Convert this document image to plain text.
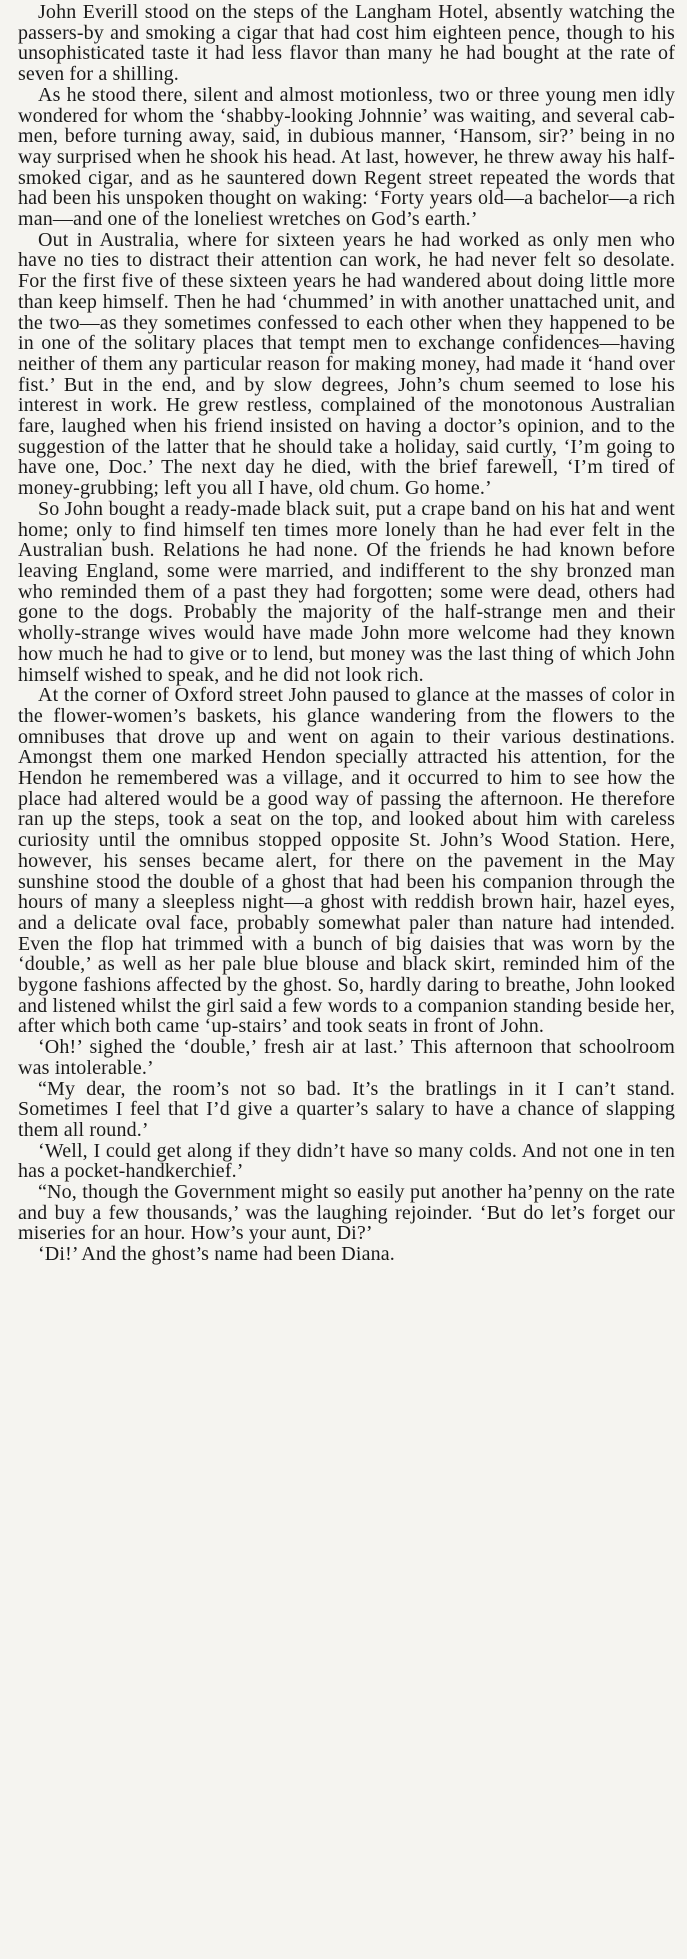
John Everill stood on the steps of the Langham Hotel, absently watching the passers-by and smoking a cigar that had cost him eighteen pence, though to his unsophisticated taste it had less flavor than many he had bought at the rate of seven for a shilling.

As he stood there, silent and almost motionless, two or three young men idly wondered for whom the ‘shabby-looking Johnnie’ was waiting, and several cab-men, before turning away, said, in dubious manner, ‘Hansom, sir?’ being in no way surprised when he shook his head. At last, however, he threw away his half-smoked cigar, and as he sauntered down Regent street repeated the words that had been his unspoken thought on waking: ‘Forty years old—a bachelor—a rich man—and one of the loneliest wretches on God’s earth.’

Out in Australia, where for sixteen years he had worked as only men who have no ties to distract their attention can work, he had never felt so desolate. For the first five of these sixteen years he had wandered about doing little more than keep himself. Then he had ‘chummed’ in with another unattached unit, and the two—as they sometimes confessed to each other when they happened to be in one of the solitary places that tempt men to exchange confidences—having neither of them any particular reason for making money, had made it ‘hand over fist.’ But in the end, and by slow degrees, John’s chum seemed to lose his interest in work. He grew restless, complained of the monotonous Australian fare, laughed when his friend insisted on having a doctor’s opinion, and to the suggestion of the latter that he should take a holiday, said curtly, ‘I’m going to have one, Doc.’ The next day he died, with the brief farewell, ‘I’m tired of money-grubbing; left you all I have, old chum. Go home.’

So John bought a ready-made black suit, put a crape band on his hat and went home; only to find himself ten times more lonely than he had ever felt in the Australian bush. Relations he had none. Of the friends he had known before leaving England, some were married, and indifferent to the shy bronzed man who reminded them of a past they had forgotten; some were dead, others had gone to the dogs. Probably the majority of the half-strange men and their wholly-strange wives would have made John more welcome had they known how much he had to give or to lend, but money was the last thing of which John himself wished to speak, and he did not look rich.

At the corner of Oxford street John paused to glance at the masses of color in the flower-women’s baskets, his glance wandering from the flowers to the omnibuses that drove up and went on again to their various destinations. Amongst them one marked Hendon specially attracted his attention, for the Hendon he remembered was a village, and it occurred to him to see how the place had altered would be a good way of passing the afternoon. He therefore ran up the steps, took a seat on the top, and looked about him with careless curiosity until the omnibus stopped opposite St. John’s Wood Station. Here, however, his senses became alert, for there on the pavement in the May sunshine stood the double of a ghost that had been his companion through the hours of many a sleepless night—a ghost with reddish brown hair, hazel eyes, and a delicate oval face, probably somewhat paler than nature had intended. Even the flop hat trimmed with a bunch of big daisies that was worn by the ‘double,’ as well as her pale blue blouse and black skirt, reminded him of the bygone fashions affected by the ghost. So, hardly daring to breathe, John looked and listened whilst the girl said a few words to a companion standing beside her, after which both came ‘up-stairs’ and took seats in front of John.

‘Oh!’ sighed the ‘double,’ fresh air at last.’ This afternoon that schoolroom was intolerable.’

“My dear, the room’s not so bad. It’s the bratlings in it I can’t stand. Sometimes I feel that I’d give a quarter’s salary to have a chance of slapping them all round.’

‘Well, I could get along if they didn’t have so many colds. And not one in ten has a pocket-handkerchief.’

“No, though the Government might so easily put another ha’penny on the rate and buy a few thousands,’ was the laughing rejoinder. ‘But do let’s forget our miseries for an hour. How’s your aunt, Di?’

‘Di!’ And the ghost’s name had been Diana.
